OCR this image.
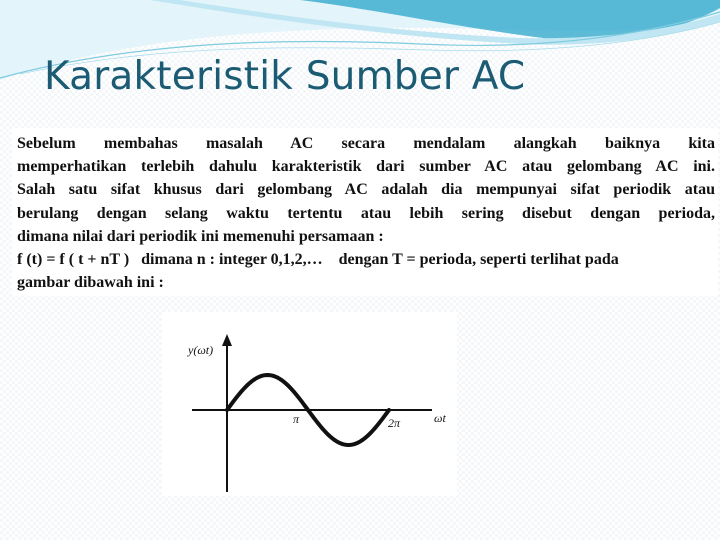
Karakteristik Sumber AC
Sebelum membahas masalah AC secara mendalam alangkah baiknya kita
memperhatikan terlebih dahulu karakteristik dari sumber AC atau gelombang AC ini.
Salah satu sifat khusus dari gelombang AC adalah dia mempunyai sifat periodik atau
berulang dengan selang waktu tertentu atau lebih sering disebut dengan perioda,
dimana nilai dari periodik ini memenuhi persamaan :
f (t) = f ( t + nT ) dimana n : integer 0,1,2,… dengan T = perioda, seperti terlihat pada
gambar dibawah ini :
y(ωt)
ωt
π	2π
